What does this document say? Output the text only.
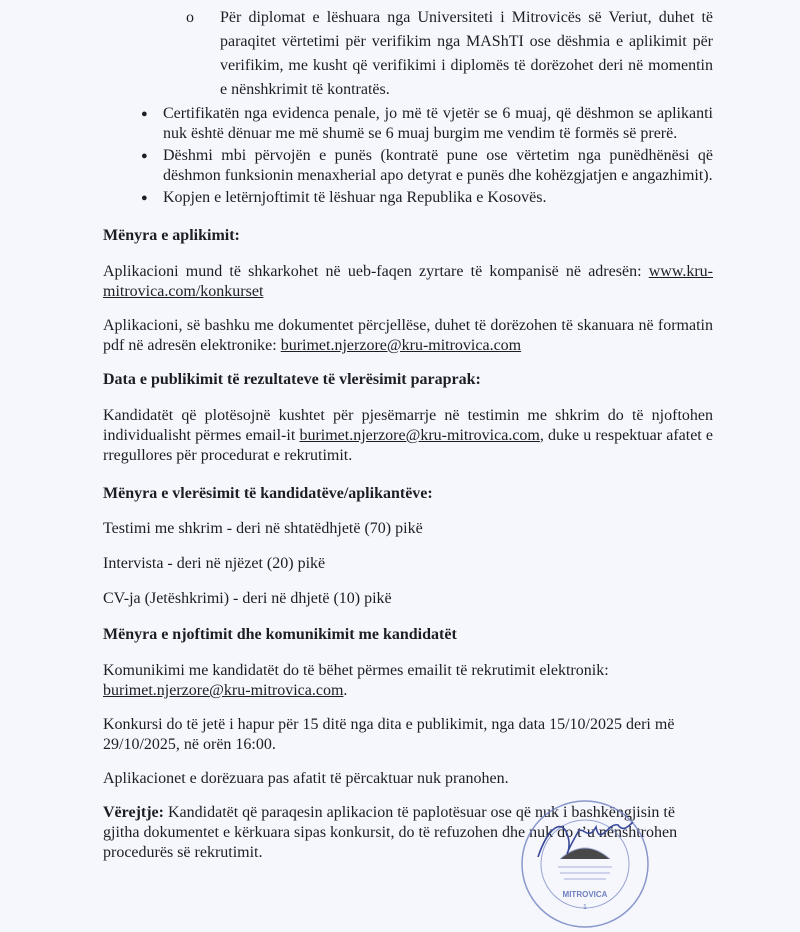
o Për diplomat e lëshuara nga Universiteti i Mitrovicës së Veriut, duhet të paraqitet vërtetimi për verifikim nga MAShTI ose dëshmia e aplikimit për verifikim, me kusht që verifikimi i diplomës të dorëzohet deri në momentin e nënshkrimit të kontratës.
● Certifikatën nga evidenca penale, jo më të vjetër se 6 muaj, që dëshmon se aplikanti nuk është dënuar me më shumë se 6 muaj burgim me vendim të formës së prerë.
● Dëshmi mbi përvojën e punës (kontratë pune ose vërtetim nga punëdhënësi që dëshmon funksionin menaxherial apo detyrat e punës dhe kohëzgjatjen e angazhimit).
● Kopjen e letërnjoftimit të lëshuar nga Republika e Kosovës.
Mënyra e aplikimit:
Aplikacioni mund të shkarkohet në ueb-faqen zyrtare të kompanisë në adresën: www.kru-mitrovica.com/konkurset
Aplikacioni, së bashku me dokumentet përcjellëse, duhet të dorëzohen të skanuara në formatin pdf në adresën elektronike: burimet.njerzore@kru-mitrovica.com
Data e publikimit të rezultateve të vlerësimit paraprak:
Kandidatët që plotësojnë kushtet për pjesëmarrje në testimin me shkrim do të njoftohen individualisht përmes email-it burimet.njerzore@kru-mitrovica.com, duke u respektuar afatet e rregullores për procedurat e rekrutimit.
Mënyra e vlerësimit të kandidatëve/aplikantëve:
Testimi me shkrim - deri në shtatëdhjetë (70) pikë
Intervista - deri në njëzet (20) pikë
CV-ja (Jetëshkrimi) - deri në dhjetë (10) pikë
Mënyra e njoftimit dhe komunikimit me kandidatët
Komunikimi me kandidatët do të bëhet përmes emailit të rekrutimit elektronik: burimet.njerzore@kru-mitrovica.com.
Konkursi do të jetë i hapur për 15 ditë nga dita e publikimit, nga data 15/10/2025 deri më 29/10/2025, në orën 16:00.
Aplikacionet e dorëzuara pas afatit të përcaktuar nuk pranohen.
Vërejtje: Kandidatët që paraqesin aplikacion të paplotësuar ose që nuk i bashkëngjisin të gjitha dokumentet e kërkuara sipas konkursit, do të refuzohen dhe nuk do t’u nënshtrohen procedurës së rekrutimit.
MITROVICA
1
